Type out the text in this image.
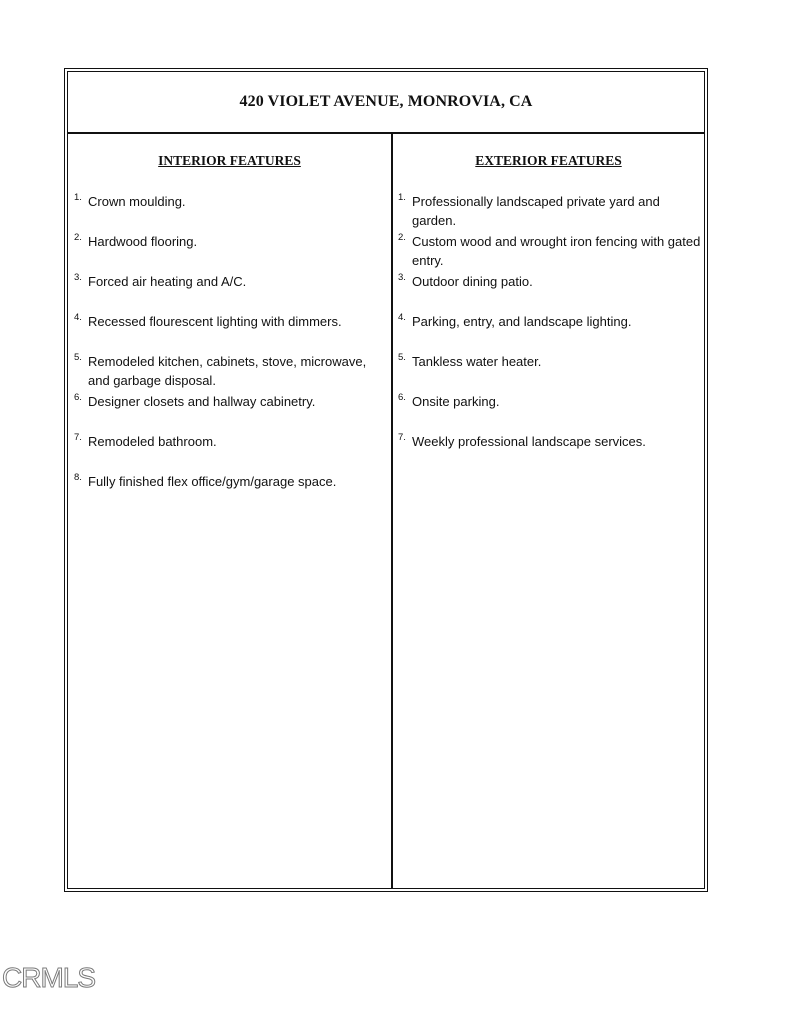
420 VIOLET AVENUE, MONROVIA, CA
INTERIOR FEATURES
1. Crown moulding.
2. Hardwood flooring.
3. Forced air heating and A/C.
4. Recessed flourescent lighting with dimmers.
5. Remodeled kitchen, cabinets, stove, microwave, and garbage disposal.
6. Designer closets and hallway cabinetry.
7. Remodeled bathroom.
8. Fully finished flex office/gym/garage space.
EXTERIOR FEATURES
1. Professionally landscaped private yard and garden.
2. Custom wood and wrought iron fencing with gated entry.
3. Outdoor dining patio.
4. Parking, entry, and landscape lighting.
5. Tankless water heater.
6. Onsite parking.
7. Weekly professional landscape services.
CRMLS
